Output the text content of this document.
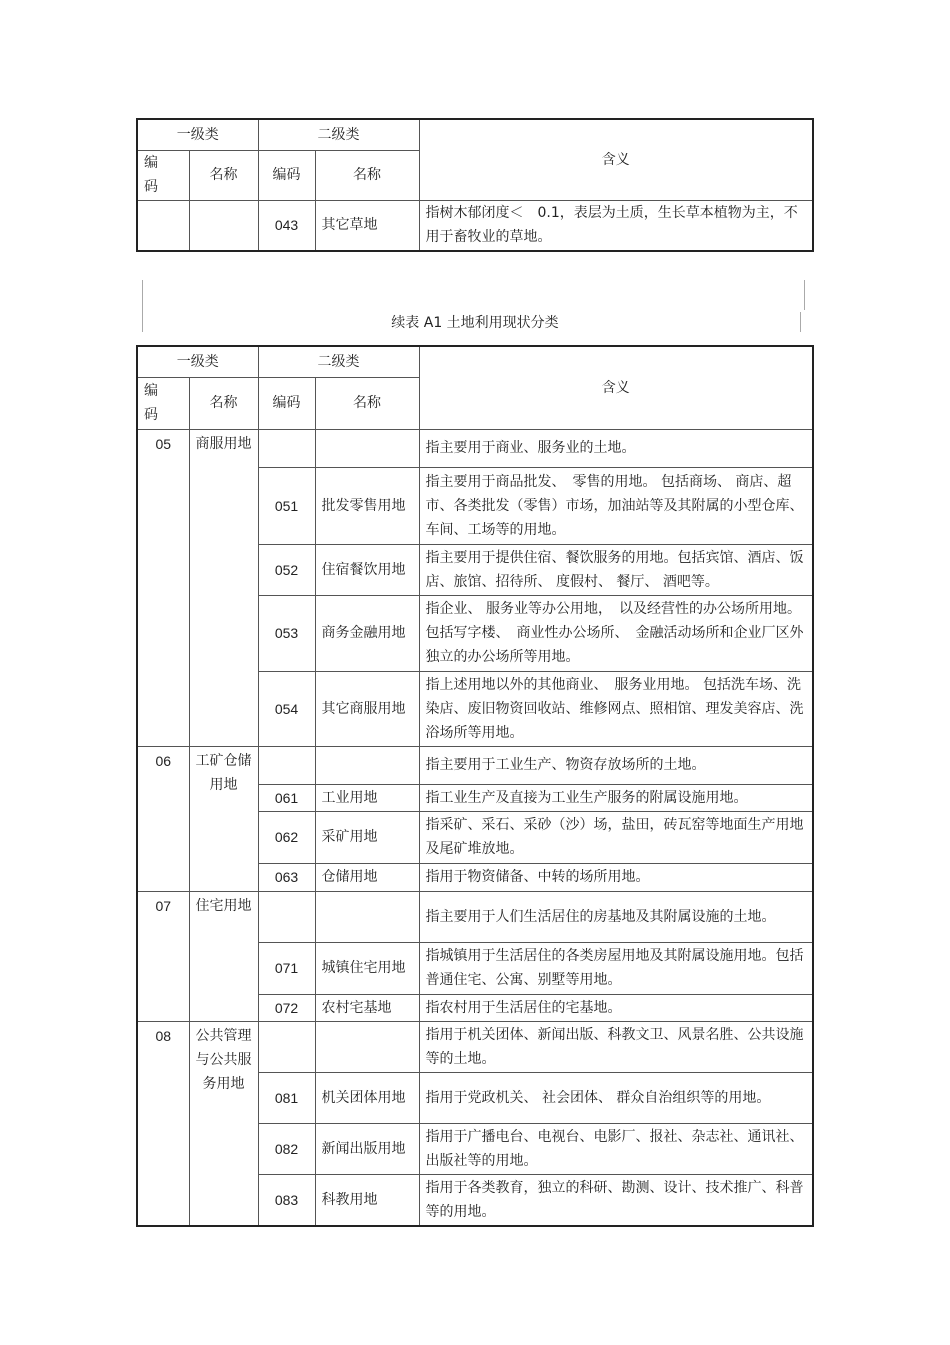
一级类		二级类		含义
编
码	名称	编码	名称	
		043	其它草地	指树木郁闭度＜　0.1，表层为土质，生长草本植物为主，不用于畜牧业的草地。
续表 A1 土地利用现状分类
一级类		二级类		含义
编
码	名称	编码	名称	
05	商服用地			指主要用于商业、服务业的土地。
		051	批发零售用地	指主要用于商品批发、　零售的用地。 包括商场、 商店、超市、各类批发（零售）市场，加油站等及其附属的小型仓库、车间、工场等的用地。
		052	住宿餐饮用地	指主要用于提供住宿、餐饮服务的用地。包括宾馆、酒店、饭店、旅馆、招待所、 度假村、 餐厅、 酒吧等。
		053	商务金融用地	指企业、 服务业等办公用地，　以及经营性的办公场所用地。包括写字楼、　商业性办公场所、　金融活动场所和企业厂区外独立的办公场所等用地。
		054	其它商服用地	指上述用地以外的其他商业、　服务业用地。 包括洗车场、洗染店、废旧物资回收站、维修网点、照相馆、理发美容店、洗浴场所等用地。
06	工矿仓储用地			指主要用于工业生产、物资存放场所的土地。
		061	工业用地	指工业生产及直接为工业生产服务的附属设施用地。
		062	采矿用地	指采矿、采石、采砂（沙）场，盐田，砖瓦窑等地面生产用地及尾矿堆放地。
		063	仓储用地	指用于物资储备、中转的场所用地。
07	住宅用地			指主要用于人们生活居住的房基地及其附属设施的土地。
		071	城镇住宅用地	指城镇用于生活居住的各类房屋用地及其附属设施用地。包括普通住宅、公寓、别墅等用地。
		072	农村宅基地	指农村用于生活居住的宅基地。
08	公共管理与公共服务用地			指用于机关团体、新闻出版、科教文卫、风景名胜、公共设施等的土地。
		081	机关团体用地	指用于党政机关、 社会团体、 群众自治组织等的用地。
		082	新闻出版用地	指用于广播电台、电视台、电影厂、报社、杂志社、通讯社、出版社等的用地。
		083	科教用地	指用于各类教育，独立的科研、勘测、设计、技术推广、科普等的用地。
